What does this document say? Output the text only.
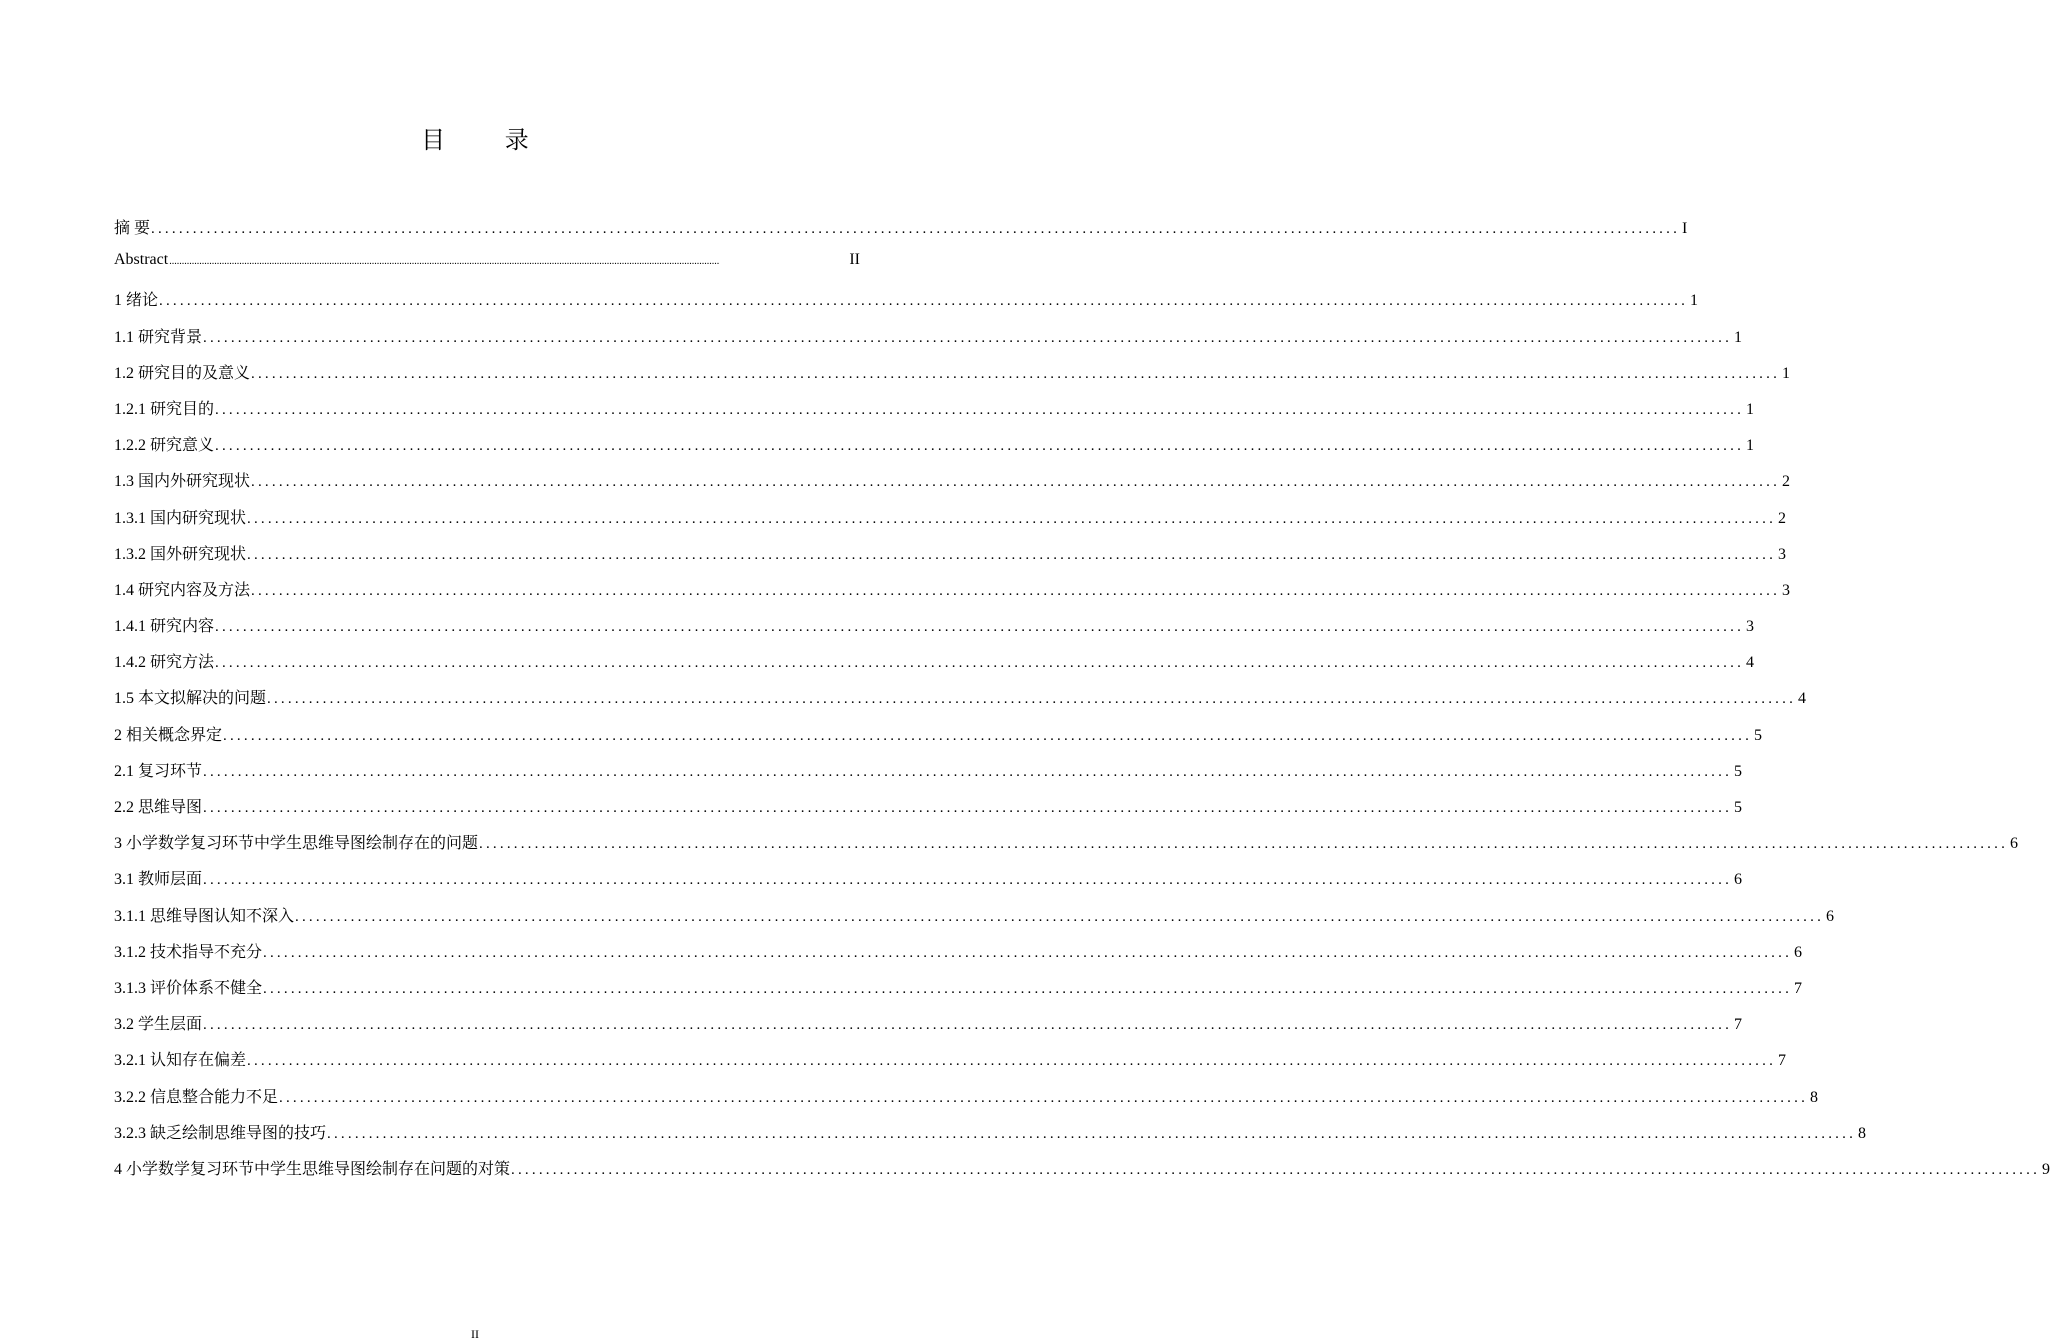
目 录
摘 要 ............................................................................................................................................................................................................................ I
Abstract ............................................................................................................................................................................................................................	II
1 绪论 ............................................................................................................................................................................................................................ 1
1.1 研究背景 ............................................................................................................................................................................................................................ 1
1.2 研究目的及意义 ............................................................................................................................................................................................................................ 1
1.2.1 研究目的 ............................................................................................................................................................................................................................ 1
1.2.2 研究意义 ............................................................................................................................................................................................................................ 1
1.3 国内外研究现状 ............................................................................................................................................................................................................................ 2
1.3.1 国内研究现状 ............................................................................................................................................................................................................................ 2
1.3.2 国外研究现状 ............................................................................................................................................................................................................................ 3
1.4 研究内容及方法 ............................................................................................................................................................................................................................ 3
1.4.1 研究内容 ............................................................................................................................................................................................................................ 3
1.4.2 研究方法 ............................................................................................................................................................................................................................ 4
1.5 本文拟解决的问题 ............................................................................................................................................................................................................................ 4
2 相关概念界定 ............................................................................................................................................................................................................................ 5
2.1 复习环节 ............................................................................................................................................................................................................................ 5
2.2 思维导图 ............................................................................................................................................................................................................................ 5
3 小学数学复习环节中学生思维导图绘制存在的问题 ............................................................................................................................................................................................................................ 6
3.1 教师层面 ............................................................................................................................................................................................................................ 6
3.1.1 思维导图认知不深入 ............................................................................................................................................................................................................................ 6
3.1.2 技术指导不充分 ............................................................................................................................................................................................................................ 6
3.1.3 评价体系不健全 ............................................................................................................................................................................................................................ 7
3.2 学生层面 ............................................................................................................................................................................................................................ 7
3.2.1 认知存在偏差 ............................................................................................................................................................................................................................ 7
3.2.2 信息整合能力不足 ............................................................................................................................................................................................................................ 8
3.2.3 缺乏绘制思维导图的技巧 ............................................................................................................................................................................................................................ 8
4 小学数学复习环节中学生思维导图绘制存在问题的对策 ............................................................................................................................................................................................................................ 9
II
